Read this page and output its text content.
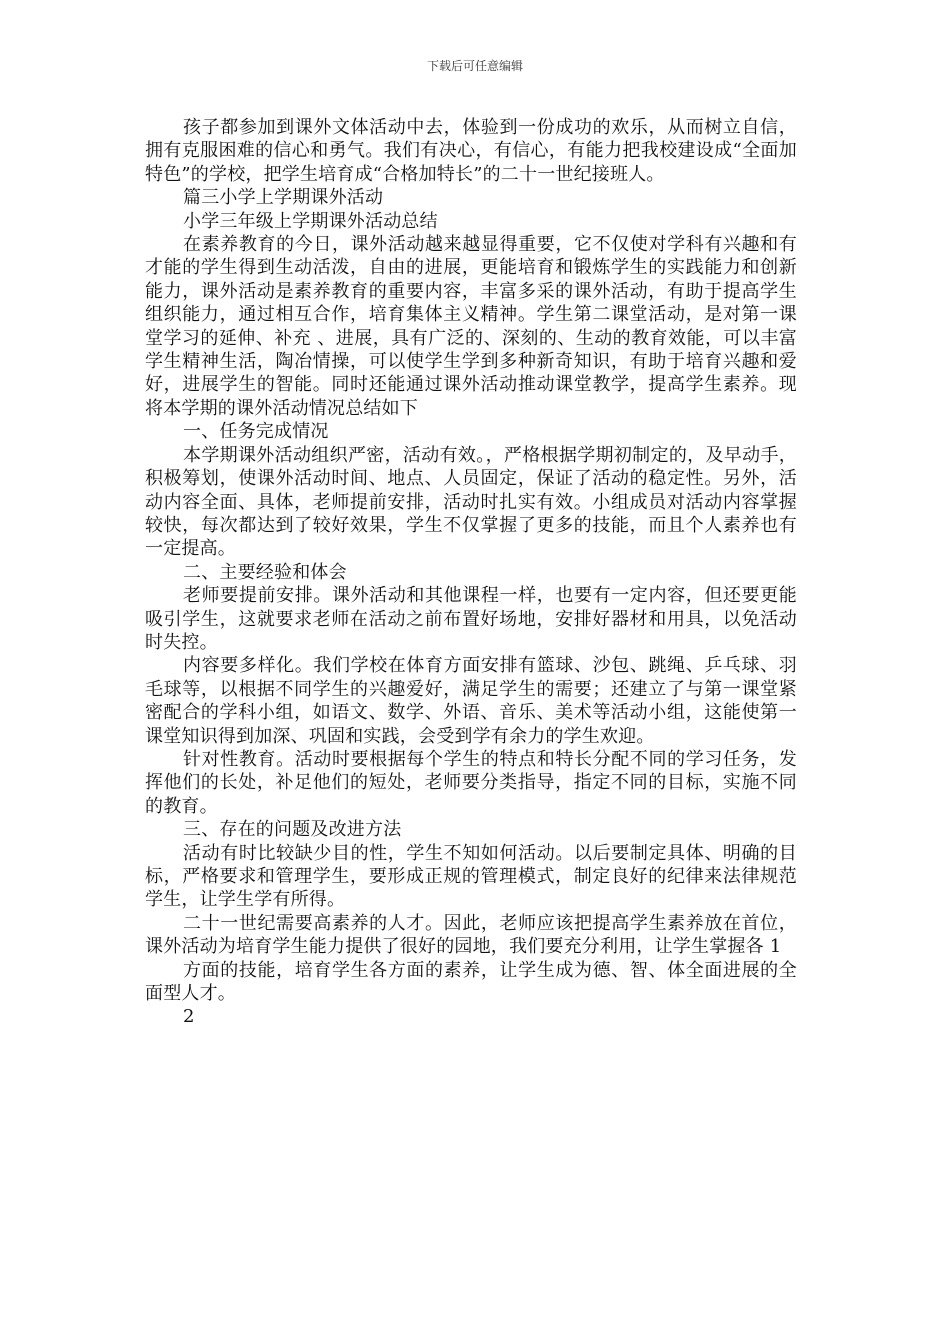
下载后可任意编辑

孩子都参加到课外文体活动中去，体验到一份成功的欢乐，从而树立自信，拥有克服困难的信心和勇气。我们有决心，有信心，有能力把我校建设成“全面加特色”的学校，把学生培育成“合格加特长”的二十一世纪接班人。

篇三小学上学期课外活动

小学三年级上学期课外活动总结

在素养教育的今日，课外活动越来越显得重要，它不仅使对学科有兴趣和有才能的学生得到生动活泼，自由的进展，更能培育和锻炼学生的实践能力和创新能力，课外活动是素养教育的重要内容，丰富多采的课外活动，有助于提高学生组织能力，通过相互合作，培育集体主义精神。学生第二课堂活动，是对第一课堂学习的延伸、补充 、进展，具有广泛的、深刻的、生动的教育效能，可以丰富学生精神生活，陶冶情操，可以使学生学到多种新奇知识，有助于培育兴趣和爱好，进展学生的智能。同时还能通过课外活动推动课堂教学，提高学生素养。现将本学期的课外活动情况总结如下

一、任务完成情况

本学期课外活动组织严密，活动有效。，严格根据学期初制定的，及早动手，积极筹划，使课外活动时间、地点、人员固定，保证了活动的稳定性。另外，活动内容全面、具体，老师提前安排，活动时扎实有效。小组成员对活动内容掌握较快，每次都达到了较好效果，学生不仅掌握了更多的技能，而且个人素养也有一定提高。

二、主要经验和体会

老师要提前安排。课外活动和其他课程一样，也要有一定内容，但还要更能吸引学生，这就要求老师在活动之前布置好场地，安排好器材和用具，以免活动时失控。

内容要多样化。我们学校在体育方面安排有篮球、沙包、跳绳、乒乓球、羽毛球等，以根据不同学生的兴趣爱好，满足学生的需要；还建立了与第一课堂紧密配合的学科小组，如语文、数学、外语、音乐、美术等活动小组，这能使第一课堂知识得到加深、巩固和实践，会受到学有余力的学生欢迎。

针对性教育。活动时要根据每个学生的特点和特长分配不同的学习任务，发挥他们的长处，补足他们的短处，老师要分类指导，指定不同的目标，实施不同的教育。

三、存在的问题及改进方法

活动有时比较缺少目的性，学生不知如何活动。以后要制定具体、明确的目标，严格要求和管理学生，要形成正规的管理模式，制定良好的纪律来法律规范学生，让学生学有所得。

二十一世纪需要高素养的人才。因此，老师应该把提高学生素养放在首位，课外活动为培育学生能力提供了很好的园地，我们要充分利用，让学生掌握各 1

方面的技能，培育学生各方面的素养，让学生成为德、智、体全面进展的全面型人才。

2
